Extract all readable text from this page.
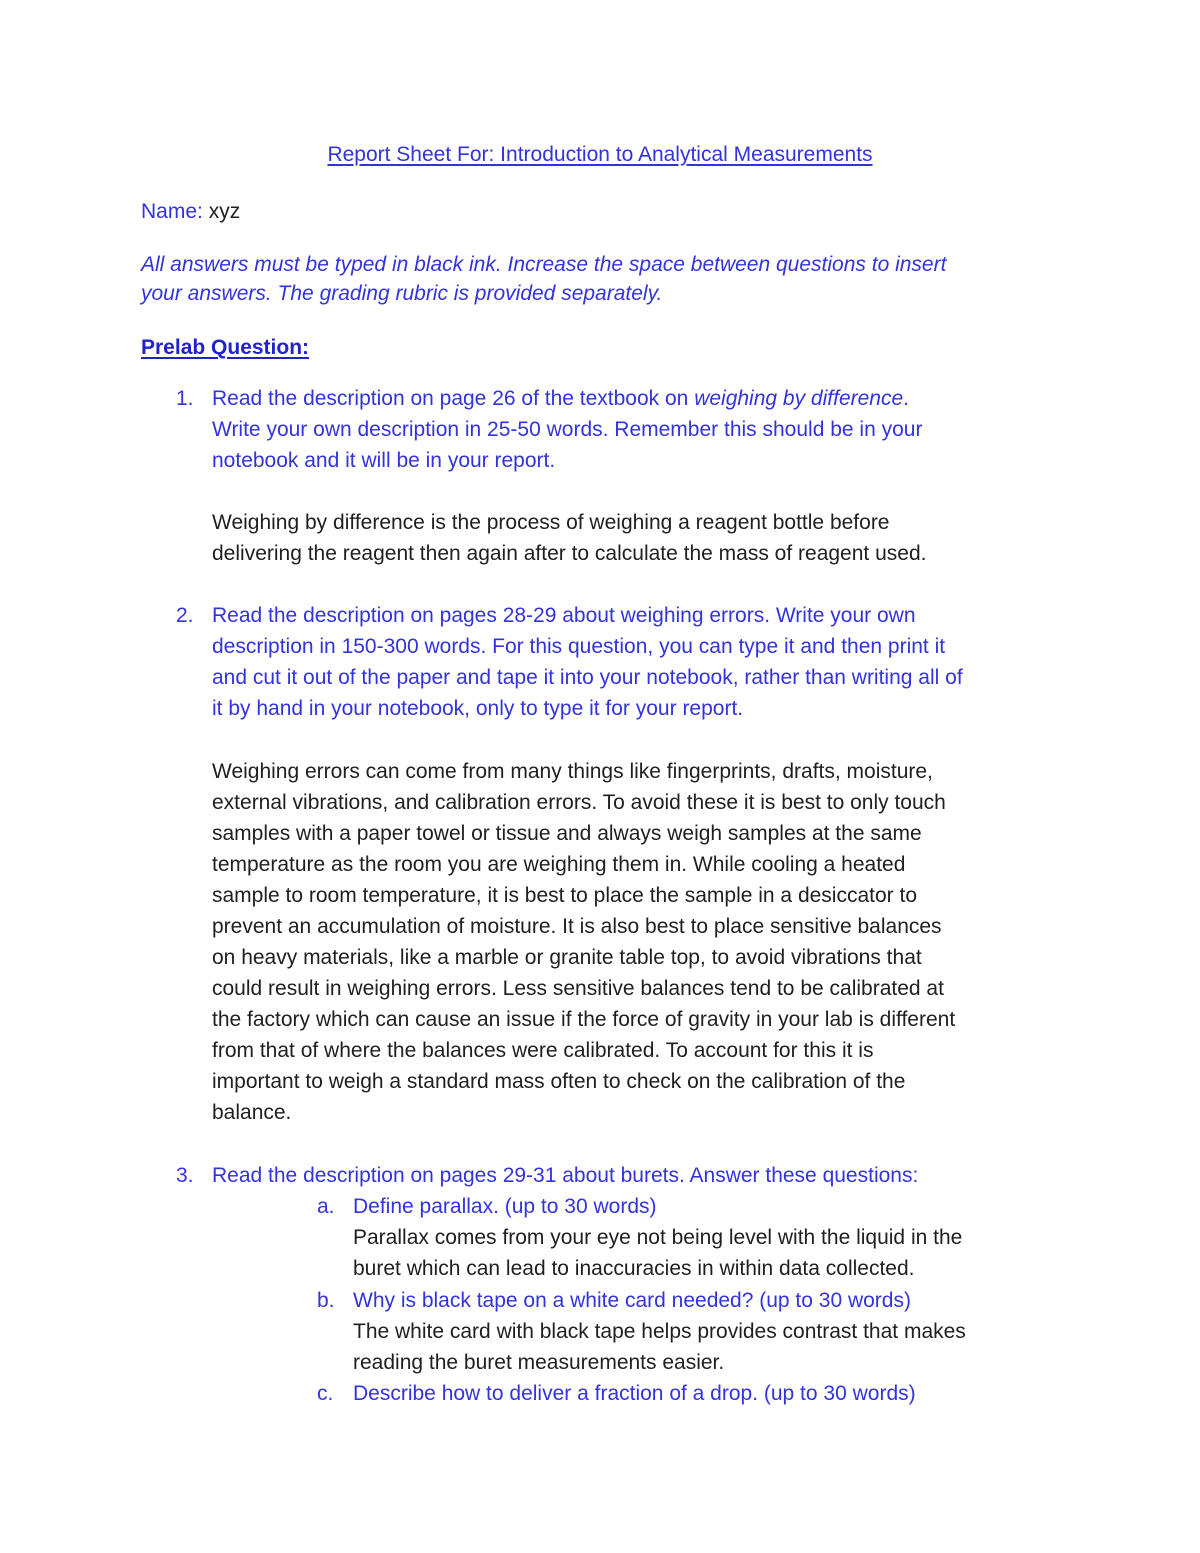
Report Sheet For: Introduction to Analytical Measurements
Name: xyz
All answers must be typed in black ink. Increase the space between questions to insert
your answers. The grading rubric is provided separately.
Prelab Question:
1. Read the description on page 26 of the textbook on weighing by difference.
Write your own description in 25-50 words. Remember this should be in your
notebook and it will be in your report.
Weighing by difference is the process of weighing a reagent bottle before
delivering the reagent then again after to calculate the mass of reagent used.
2. Read the description on pages 28-29 about weighing errors. Write your own
description in 150-300 words. For this question, you can type it and then print it
and cut it out of the paper and tape it into your notebook, rather than writing all of
it by hand in your notebook, only to type it for your report.
Weighing errors can come from many things like fingerprints, drafts, moisture,
external vibrations, and calibration errors. To avoid these it is best to only touch
samples with a paper towel or tissue and always weigh samples at the same
temperature as the room you are weighing them in. While cooling a heated
sample to room temperature, it is best to place the sample in a desiccator to
prevent an accumulation of moisture. It is also best to place sensitive balances
on heavy materials, like a marble or granite table top, to avoid vibrations that
could result in weighing errors. Less sensitive balances tend to be calibrated at
the factory which can cause an issue if the force of gravity in your lab is different
from that of where the balances were calibrated. To account for this it is
important to weigh a standard mass often to check on the calibration of the
balance.
3. Read the description on pages 29-31 about burets. Answer these questions:
a. Define parallax. (up to 30 words)
Parallax comes from your eye not being level with the liquid in the
buret which can lead to inaccuracies in within data collected.
b. Why is black tape on a white card needed? (up to 30 words)
The white card with black tape helps provides contrast that makes
reading the buret measurements easier.
c. Describe how to deliver a fraction of a drop. (up to 30 words)
